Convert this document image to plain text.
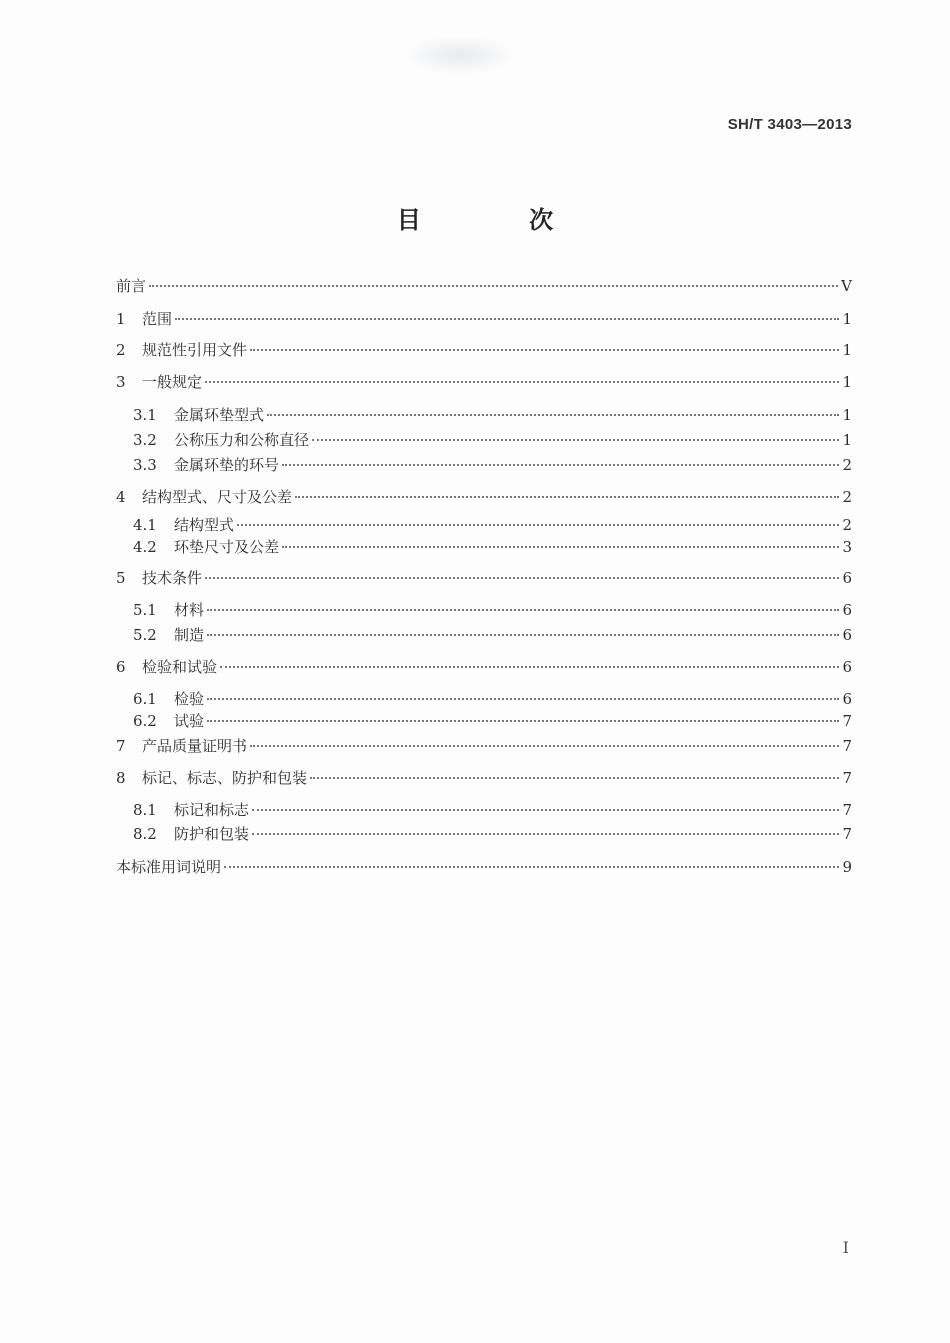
SH/T 3403—2013
目 次
前言	V
1	范围	1
2	规范性引用文件	1
3	一般规定	1
3.1	金属环垫型式	1
3.2	公称压力和公称直径	1
3.3	金属环垫的环号	2
4	结构型式、尺寸及公差	2
4.1	结构型式	2
4.2	环垫尺寸及公差	3
5	技术条件	6
5.1	材料	6
5.2	制造	6
6	检验和试验	6
6.1	检验	6
6.2	试验	7
7	产品质量证明书	7
8	标记、标志、防护和包装	7
8.1	标记和标志	7
8.2	防护和包装	7
本标准用词说明	9
I
